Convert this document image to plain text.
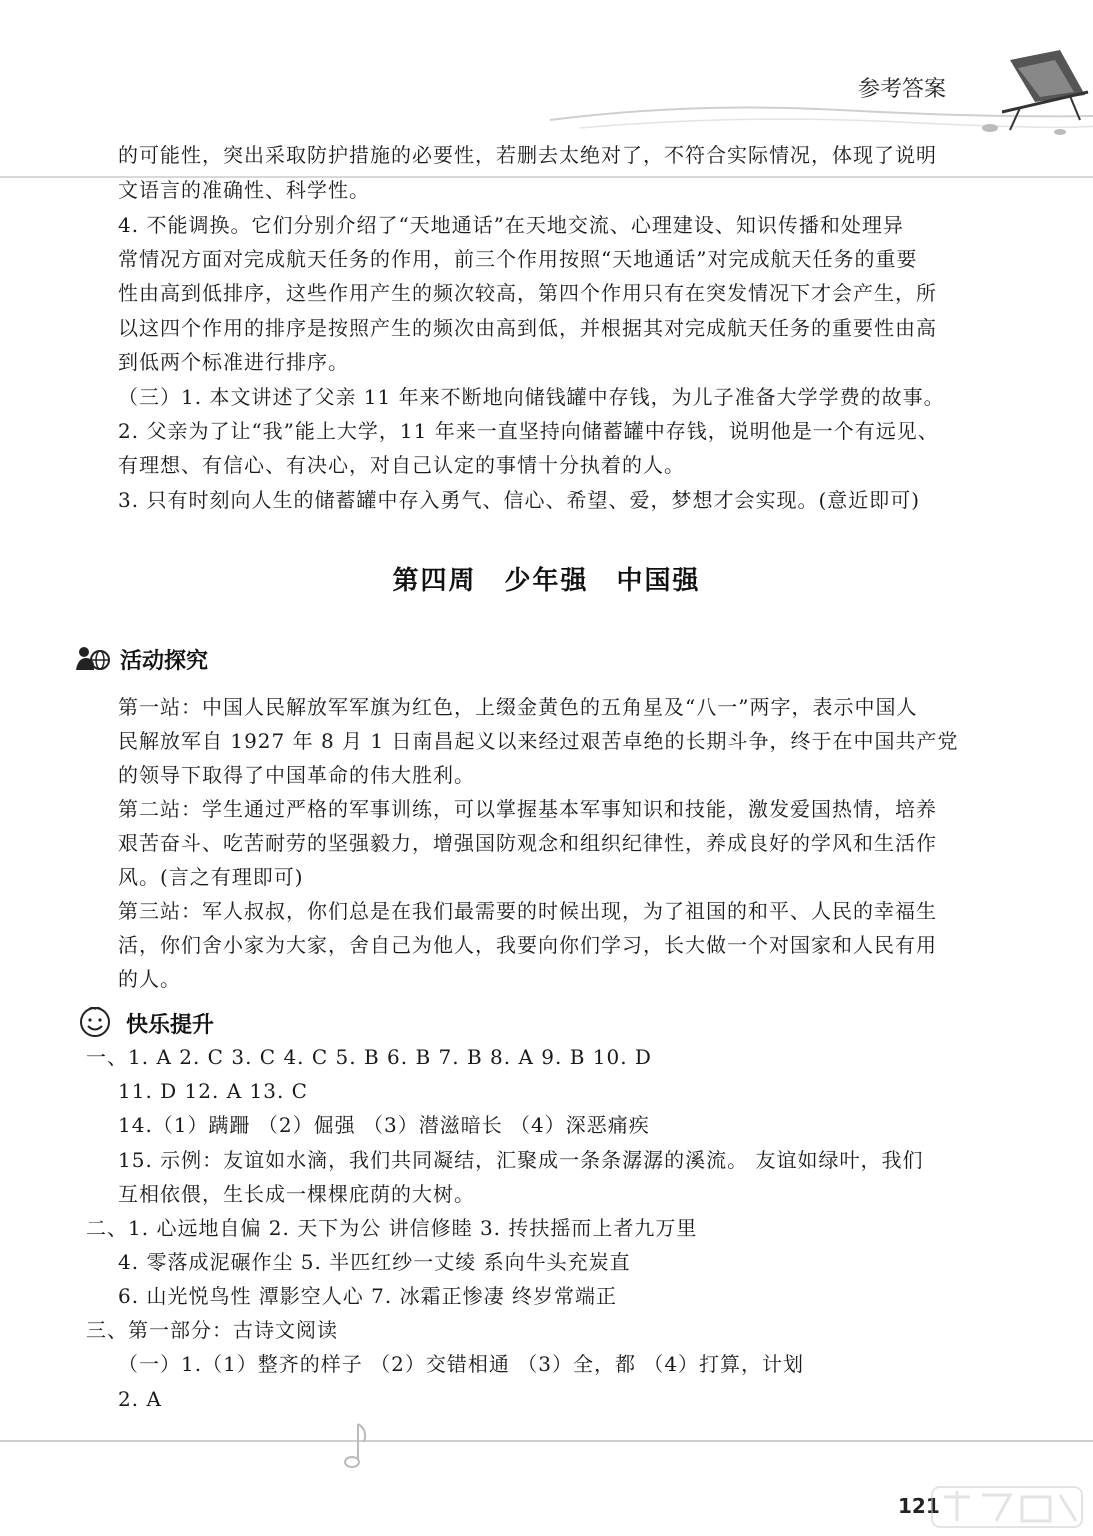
参考答案
的可能性，突出采取防护措施的必要性，若删去太绝对了，不符合实际情况，体现了说明
文语言的准确性、科学性。
4. 不能调换。它们分别介绍了“天地通话”在天地交流、心理建设、知识传播和处理异
常情况方面对完成航天任务的作用，前三个作用按照“天地通话”对完成航天任务的重要
性由高到低排序，这些作用产生的频次较高，第四个作用只有在突发情况下才会产生，所
以这四个作用的排序是按照产生的频次由高到低，并根据其对完成航天任务的重要性由高
到低两个标准进行排序。
（三）1. 本文讲述了父亲 11 年来不断地向储钱罐中存钱，为儿子准备大学学费的故事。
2. 父亲为了让“我”能上大学，11 年来一直坚持向储蓄罐中存钱，说明他是一个有远见、
有理想、有信心、有决心，对自己认定的事情十分执着的人。
3. 只有时刻向人生的储蓄罐中存入勇气、信心、希望、爱，梦想才会实现。(意近即可)
第四周 少年强 中国强
活动探究
第一站：中国人民解放军军旗为红色，上缀金黄色的五角星及“八一”两字，表示中国人
民解放军自 1927 年 8 月 1 日南昌起义以来经过艰苦卓绝的长期斗争，终于在中国共产党
的领导下取得了中国革命的伟大胜利。
第二站：学生通过严格的军事训练，可以掌握基本军事知识和技能，激发爱国热情，培养
艰苦奋斗、吃苦耐劳的坚强毅力，增强国防观念和组织纪律性，养成良好的学风和生活作
风。(言之有理即可)
第三站：军人叔叔，你们总是在我们最需要的时候出现，为了祖国的和平、人民的幸福生
活，你们舍小家为大家，舍自己为他人，我要向你们学习，长大做一个对国家和人民有用
的人。
快乐提升
一、1. A 2. C 3. C 4. C 5. B 6. B 7. B 8. A 9. B 10. D
11. D 12. A 13. C
14.（1）蹒跚 （2）倔强 （3）潜滋暗长 （4）深恶痛疾
15. 示例：友谊如水滴，我们共同凝结，汇聚成一条条潺潺的溪流。 友谊如绿叶，我们
互相依偎，生长成一棵棵庇荫的大树。
二、1. 心远地自偏 2. 天下为公 讲信修睦 3. 抟扶摇而上者九万里
4. 零落成泥碾作尘 5. 半匹红纱一丈绫 系向牛头充炭直
6. 山光悦鸟性 潭影空人心 7. 冰霜正惨凄 终岁常端正
三、第一部分：古诗文阅读
（一）1.（1）整齐的样子 （2）交错相通 （3）全，都 （4）打算，计划
2. A
121
